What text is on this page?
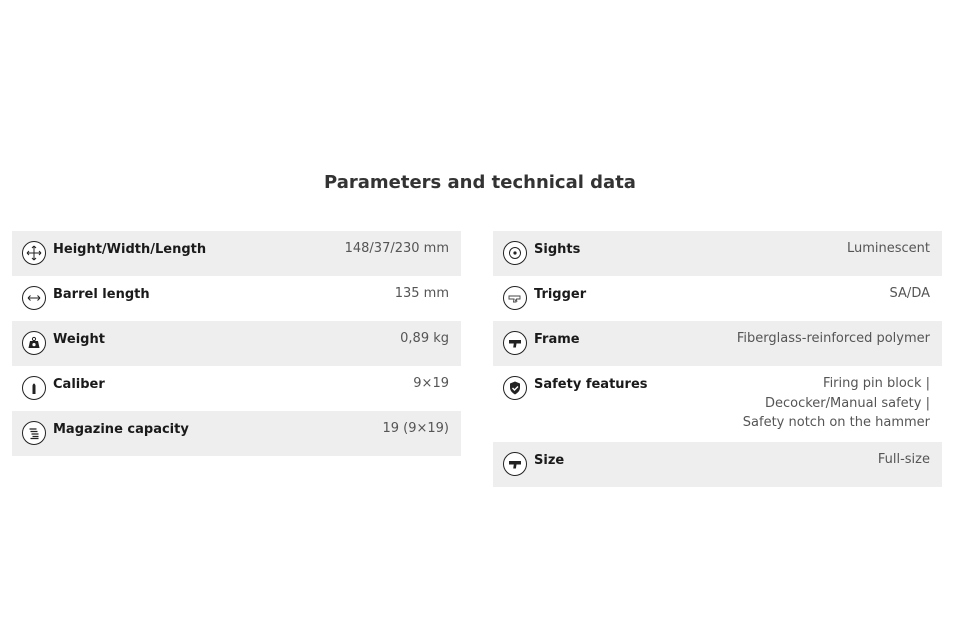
Parameters and technical data
Height/Width/Length	148/37/230 mm
Barrel length	135 mm
Weight	0,89 kg
Caliber	9×19
Magazine capacity	19 (9×19)
Sights	Luminescent
Trigger	SA/DA
Frame	Fiberglass-reinforced polymer
Safety features	Firing pin block | Decocker/Manual safety | Safety notch on the hammer
Size	Full-size
